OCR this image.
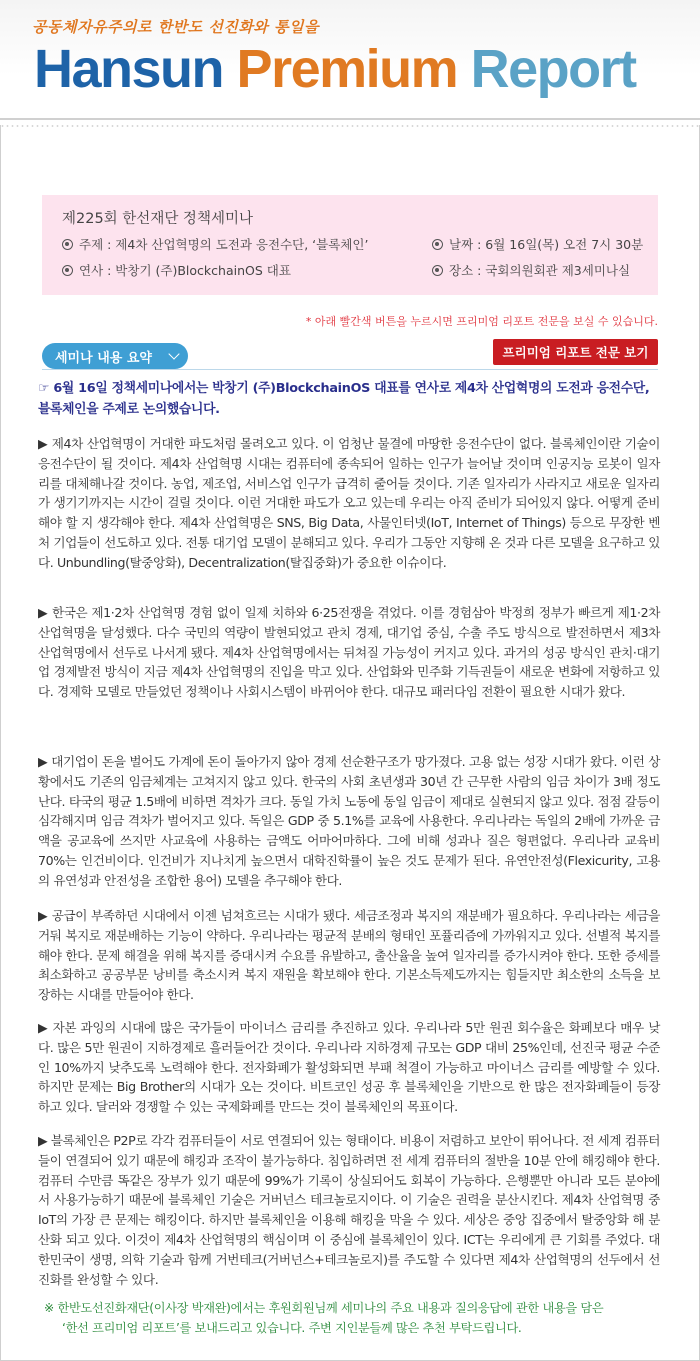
공동체자유주의로 한반도 선진화와 통일을
Hansun Premium Report
제225회 한선재단 정책세미나
주제 : 제4차 산업혁명의 도전과 응전수단, ‘블록체인’	날짜 : 6월 16일(목) 오전 7시 30분
연사 : 박창기 (주)BlockchainOS 대표	장소 : 국회의원회관 제3세미나실
* 아래 빨간색 버튼을 누르시면 프리미엄 리포트 전문을 보실 수 있습니다.
세미나 내용 요약	프리미엄 리포트 전문 보기
☞ 6월 16일 정책세미나에서는 박창기 (주)BlockchainOS 대표를 연사로 제4차 산업혁명의 도전과 응전수단, 블록체인을 주제로 논의했습니다.
▶ 제4차 산업혁명이 거대한 파도처럼 몰려오고 있다. 이 엄청난 물결에 마땅한 응전수단이 없다. 블록체인이란 기술이 응전수단이 될 것이다. 제4차 산업혁명 시대는 컴퓨터에 종속되어 일하는 인구가 늘어날 것이며 인공지능 로봇이 일자리를 대체해나갈 것이다. 농업, 제조업, 서비스업 인구가 급격히 줄어들 것이다. 기존 일자리가 사라지고 새로운 일자리가 생기기까지는 시간이 걸릴 것이다. 이런 거대한 파도가 오고 있는데 우리는 아직 준비가 되어있지 않다. 어떻게 준비해야 할 지 생각해야 한다. 제4차 산업혁명은 SNS, Big Data, 사물인터넷(IoT, Internet of Things) 등으로 무장한 벤처 기업들이 선도하고 있다. 전통 대기업 모델이 분해되고 있다. 우리가 그동안 지향해 온 것과 다른 모델을 요구하고 있다. Unbundling(탈중앙화), Decentralization(탈집중화)가 중요한 이슈이다.
▶ 한국은 제1·2차 산업혁명 경험 없이 일제 치하와 6·25전쟁을 겪었다. 이를 경험삼아 박정희 정부가 빠르게 제1·2차 산업혁명을 달성했다. 다수 국민의 역량이 발현되었고 관치 경제, 대기업 중심, 수출 주도 방식으로 발전하면서 제3차 산업혁명에서 선두로 나서게 됐다. 제4차 산업혁명에서는 뒤쳐질 가능성이 커지고 있다. 과거의 성공 방식인 관치·대기업 경제발전 방식이 지금 제4차 산업혁명의 진입을 막고 있다. 산업화와 민주화 기득권들이 새로운 변화에 저항하고 있다. 경제학 모델로 만들었던 정책이나 사회시스템이 바뀌어야 한다. 대규모 패러다임 전환이 필요한 시대가 왔다.
▶ 대기업이 돈을 벌어도 가계에 돈이 돌아가지 않아 경제 선순환구조가 망가졌다. 고용 없는 성장 시대가 왔다. 이런 상황에서도 기존의 임금체계는 고쳐지지 않고 있다. 한국의 사회 초년생과 30년 간 근무한 사람의 임금 차이가 3배 정도 난다. 타국의 평균 1.5배에 비하면 격차가 크다. 동일 가치 노동에 동일 임금이 제대로 실현되지 않고 있다. 점점 갈등이 심각해지며 임금 격차가 벌어지고 있다. 독일은 GDP 중 5.1%를 교육에 사용한다. 우리나라는 독일의 2배에 가까운 금액을 공교육에 쓰지만 사교육에 사용하는 금액도 어마어마하다. 그에 비해 성과나 질은 형편없다. 우리나라 교육비 70%는 인건비이다. 인건비가 지나치게 높으면서 대학진학률이 높은 것도 문제가 된다. 유연안전성(Flexicurity, 고용의 유연성과 안전성을 조합한 용어) 모델을 추구해야 한다.
▶ 공급이 부족하던 시대에서 이젠 넘쳐흐르는 시대가 됐다. 세금조정과 복지의 재분배가 필요하다. 우리나라는 세금을 거둬 복지로 재분배하는 기능이 약하다. 우리나라는 평균적 분배의 형태인 포퓰리즘에 가까워지고 있다. 선별적 복지를 해야 한다. 문제 해결을 위해 복지를 증대시켜 수요를 유발하고, 출산율을 높여 일자리를 증가시켜야 한다. 또한 증세를 최소화하고 공공부문 낭비를 축소시켜 복지 재원을 확보해야 한다. 기본소득제도까지는 힘들지만 최소한의 소득을 보장하는 시대를 만들어야 한다.
▶ 자본 과잉의 시대에 많은 국가들이 마이너스 금리를 추진하고 있다. 우리나라 5만 원권 회수율은 화폐보다 매우 낮다. 많은 5만 원권이 지하경제로 흘러들어간 것이다. 우리나라 지하경제 규모는 GDP 대비 25%인데, 선진국 평균 수준인 10%까지 낮추도록 노력해야 한다. 전자화폐가 활성화되면 부패 척결이 가능하고 마이너스 금리를 예방할 수 있다. 하지만 문제는 Big Brother의 시대가 오는 것이다. 비트코인 성공 후 블록체인을 기반으로 한 많은 전자화폐들이 등장하고 있다. 달러와 경쟁할 수 있는 국제화폐를 만드는 것이 블록체인의 목표이다.
▶ 블록체인은 P2P로 각각 컴퓨터들이 서로 연결되어 있는 형태이다. 비용이 저렴하고 보안이 뛰어나다. 전 세계 컴퓨터들이 연결되어 있기 때문에 해킹과 조작이 불가능하다. 침입하려면 전 세계 컴퓨터의 절반을 10분 안에 해킹해야 한다. 컴퓨터 수만큼 똑같은 장부가 있기 때문에 99%가 기록이 상실되어도 회복이 가능하다. 은행뿐만 아니라 모든 분야에서 사용가능하기 때문에 블록체인 기술은 거버넌스 테크놀로지이다. 이 기술은 권력을 분산시킨다. 제4차 산업혁명 중 IoT의 가장 큰 문제는 해킹이다. 하지만 블록체인을 이용해 해킹을 막을 수 있다. 세상은 중앙 집중에서 탈중앙화 해 분산화 되고 있다. 이것이 제4차 산업혁명의 핵심이며 이 중심에 블록체인이 있다. ICT는 우리에게 큰 기회를 주었다. 대한민국이 생명, 의학 기술과 함께 거번테크(거버넌스+테크놀로지)를 주도할 수 있다면 제4차 산업혁명의 선두에서 선진화를 완성할 수 있다.
※ 한반도선진화재단(이사장 박재완)에서는 후원회원님께 세미나의 주요 내용과 질의응답에 관한 내용을 담은
‘한선 프리미엄 리포트’를 보내드리고 있습니다. 주변 지인분들께 많은 추천 부탁드립니다.
